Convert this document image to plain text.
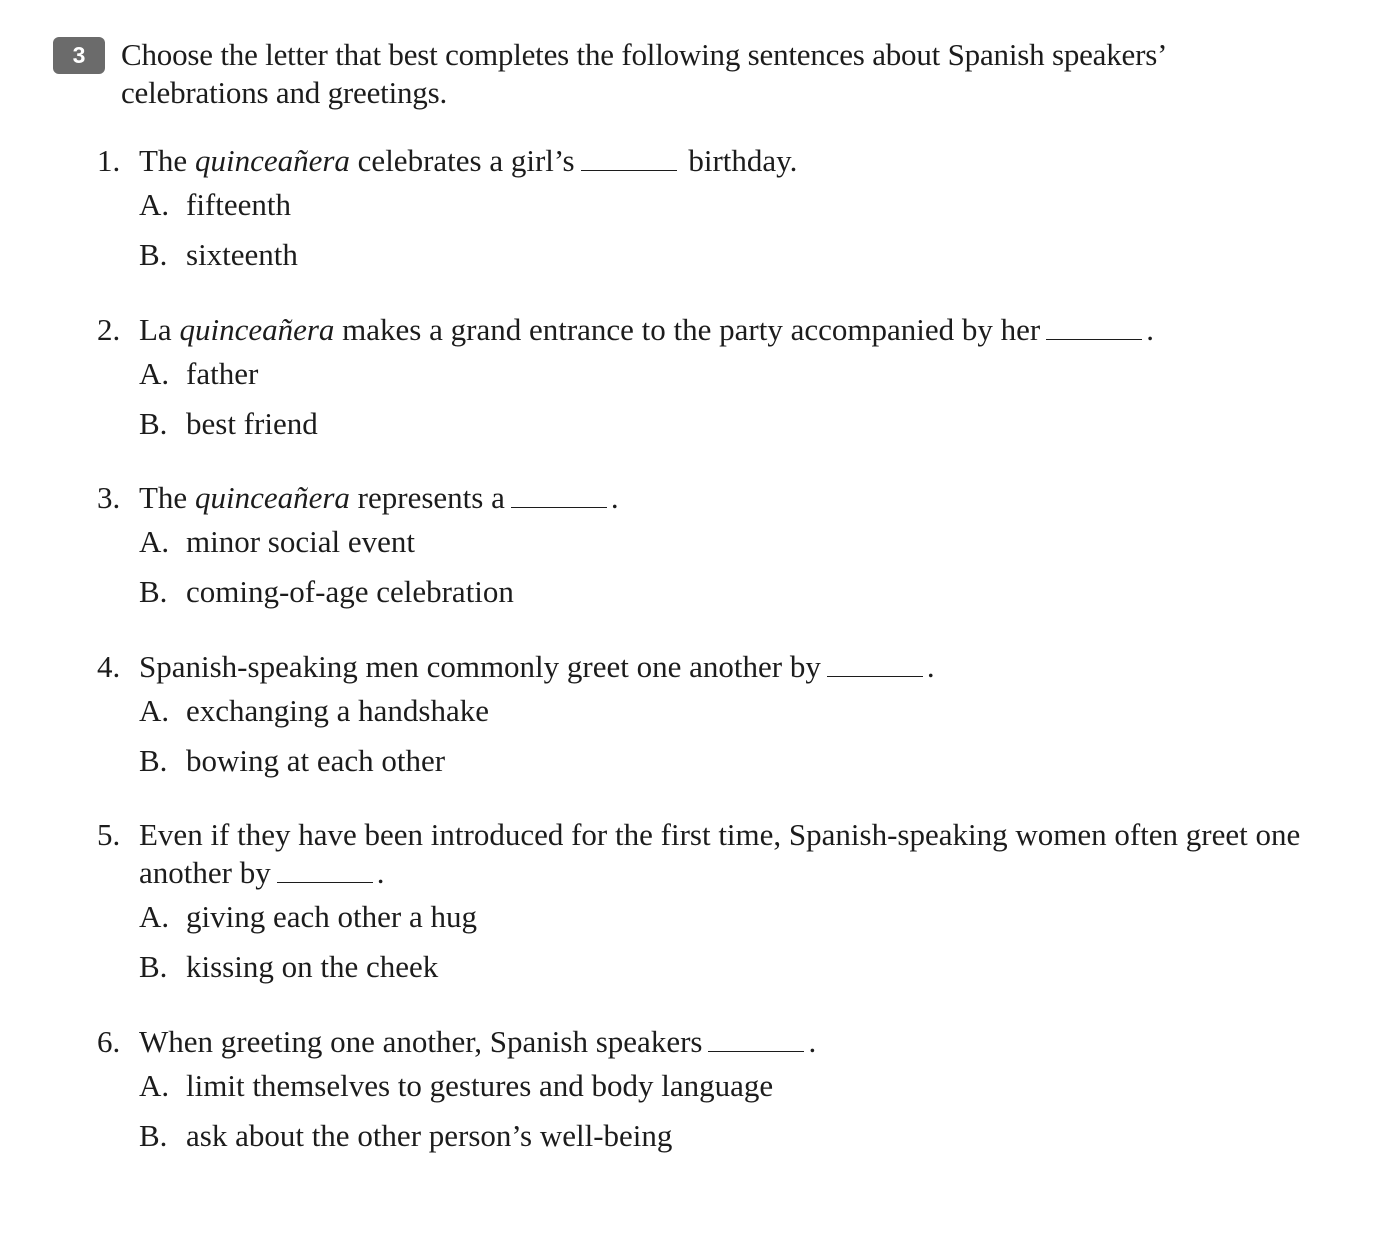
3 Choose the letter that best completes the following sentences about Spanish speakers’ celebrations and greetings.
1. The quinceañera celebrates a girl’s	birthday.
A. fifteenth
B. sixteenth
2. La quinceañera makes a grand entrance to the party accompanied by her	.
A. father
B. best friend
3. The quinceañera represents a	.
A. minor social event
B. coming-of-age celebration
4. Spanish-speaking men commonly greet one another by	.
A. exchanging a handshake
B. bowing at each other
5. Even if they have been introduced for the first time, Spanish-speaking women often greet one another by	.
A. giving each other a hug
B. kissing on the cheek
6. When greeting one another, Spanish speakers	.
A. limit themselves to gestures and body language
B. ask about the other person’s well-being
